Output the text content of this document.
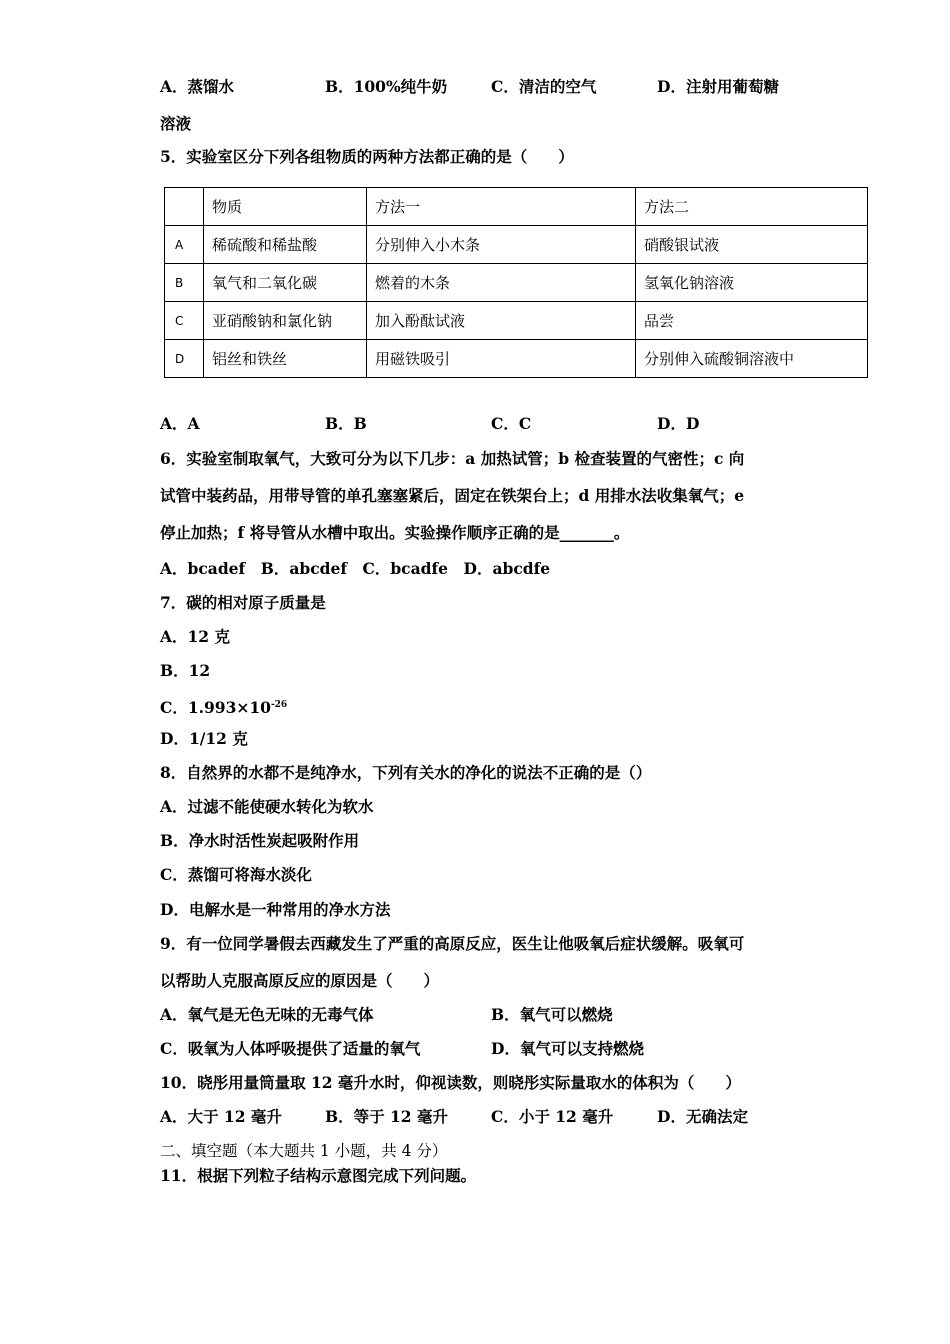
A．蒸馏水	B．100%纯牛奶	C．清洁的空气	D．注射用葡萄糖
溶液
5．实验室区分下列各组物质的两种方法都正确的是（　　）
	物质	方法一	方法二
A	稀硫酸和稀盐酸	分别伸入小木条	硝酸银试液
B	氧气和二氧化碳	燃着的木条	氢氧化钠溶液
C	亚硝酸钠和氯化钠	加入酚酞试液	品尝
D	铝丝和铁丝	用磁铁吸引	分别伸入硫酸铜溶液中
A．A	B．B	C．C	D．D
6．实验室制取氧气，大致可分为以下几步：a 加热试管；b 检查装置的气密性；c 向
试管中装药品，用带导管的单孔塞塞紧后，固定在铁架台上；d 用排水法收集氧气；e
停止加热；f 将导管从水槽中取出。实验操作顺序正确的是_______。
A．bcadef　B．abcdef　C．bcadfe　D．abcdfe
7．碳的相对原子质量是
A．12 克
B．12
C．$1.993\times 10^{-26}$
D．1/12 克
8．自然界的水都不是纯净水，下列有关水的净化的说法不正确的是（）
A．过滤不能使硬水转化为软水
B．净水时活性炭起吸附作用
C．蒸馏可将海水淡化
D．电解水是一种常用的净水方法
9．有一位同学暑假去西藏发生了严重的高原反应，医生让他吸氧后症状缓解。吸氧可
以帮助人克服高原反应的原因是（　　）
A．氧气是无色无味的无毒气体	B．氧气可以燃烧
C．吸氧为人体呼吸提供了适量的氧气	D．氧气可以支持燃烧
10．晓彤用量筒量取 12 毫升水时，仰视读数，则晓彤实际量取水的体积为（　　）
A．大于 12 毫升	B．等于 12 毫升	C．小于 12 毫升	D．无确法定
二、填空题（本大题共 1 小题，共 4 分）
11．根据下列粒子结构示意图完成下列问题。
